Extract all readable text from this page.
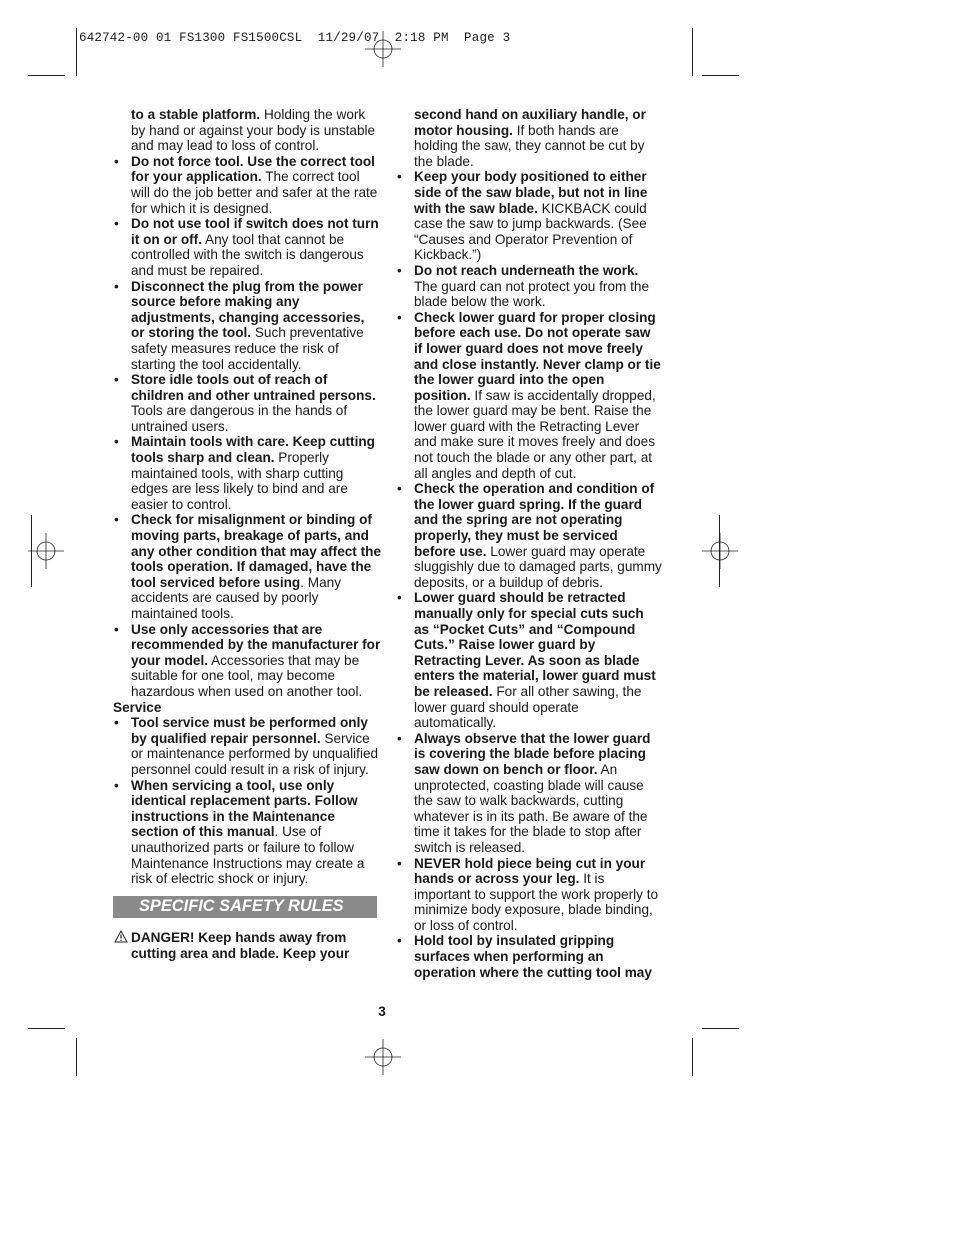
642742-00 01 FS1300 FS1500CSL  11/29/07  2:18 PM  Page 3

to a stable platform. Holding the work by hand or against your body is unstable and may lead to loss of control.

• Do not force tool. Use the correct tool for your application. The correct tool will do the job better and safer at the rate for which it is designed.

• Do not use tool if switch does not turn it on or off. Any tool that cannot be controlled with the switch is dangerous and must be repaired.

• Disconnect the plug from the power source before making any adjustments, changing accessories, or storing the tool. Such preventative safety measures reduce the risk of starting the tool accidentally.

• Store idle tools out of reach of children and other untrained persons. Tools are dangerous in the hands of untrained users.

• Maintain tools with care. Keep cutting tools sharp and clean. Properly maintained tools, with sharp cutting edges are less likely to bind and are easier to control.

• Check for misalignment or binding of moving parts, breakage of parts, and any other condition that may affect the tools operation. If damaged, have the tool serviced before using. Many accidents are caused by poorly maintained tools.

• Use only accessories that are recommended by the manufacturer for your model. Accessories that may be suitable for one tool, may become hazardous when used on another tool.

Service

• Tool service must be performed only by qualified repair personnel. Service or maintenance performed by unqualified personnel could result in a risk of injury.

• When servicing a tool, use only identical replacement parts. Follow instructions in the Maintenance section of this manual. Use of unauthorized parts or failure to follow Maintenance Instructions may create a risk of electric shock or injury.

SPECIFIC SAFETY RULES

DANGER! Keep hands away from cutting area and blade. Keep your

second hand on auxiliary handle, or motor housing. If both hands are holding the saw, they cannot be cut by the blade.

• Keep your body positioned to either side of the saw blade, but not in line with the saw blade. KICKBACK could case the saw to jump backwards. (See “Causes and Operator Prevention of Kickback.”)

• Do not reach underneath the work. The guard can not protect you from the blade below the work.

• Check lower guard for proper closing before each use. Do not operate saw if lower guard does not move freely and close instantly. Never clamp or tie the lower guard into the open position. If saw is accidentally dropped, the lower guard may be bent. Raise the lower guard with the Retracting Lever and make sure it moves freely and does not touch the blade or any other part, at all angles and depth of cut.

• Check the operation and condition of the lower guard spring. If the guard and the spring are not operating properly, they must be serviced before use. Lower guard may operate sluggishly due to damaged parts, gummy deposits, or a buildup of debris.

• Lower guard should be retracted manually only for special cuts such as “Pocket Cuts” and “Compound Cuts.” Raise lower guard by Retracting Lever. As soon as blade enters the material, lower guard must be released. For all other sawing, the lower guard should operate automatically.

• Always observe that the lower guard is covering the blade before placing saw down on bench or floor. An unprotected, coasting blade will cause the saw to walk backwards, cutting whatever is in its path. Be aware of the time it takes for the blade to stop after switch is released.

• NEVER hold piece being cut in your hands or across your leg. It is important to support the work properly to minimize body exposure, blade binding, or loss of control.

• Hold tool by insulated gripping surfaces when performing an operation where the cutting tool may

3
